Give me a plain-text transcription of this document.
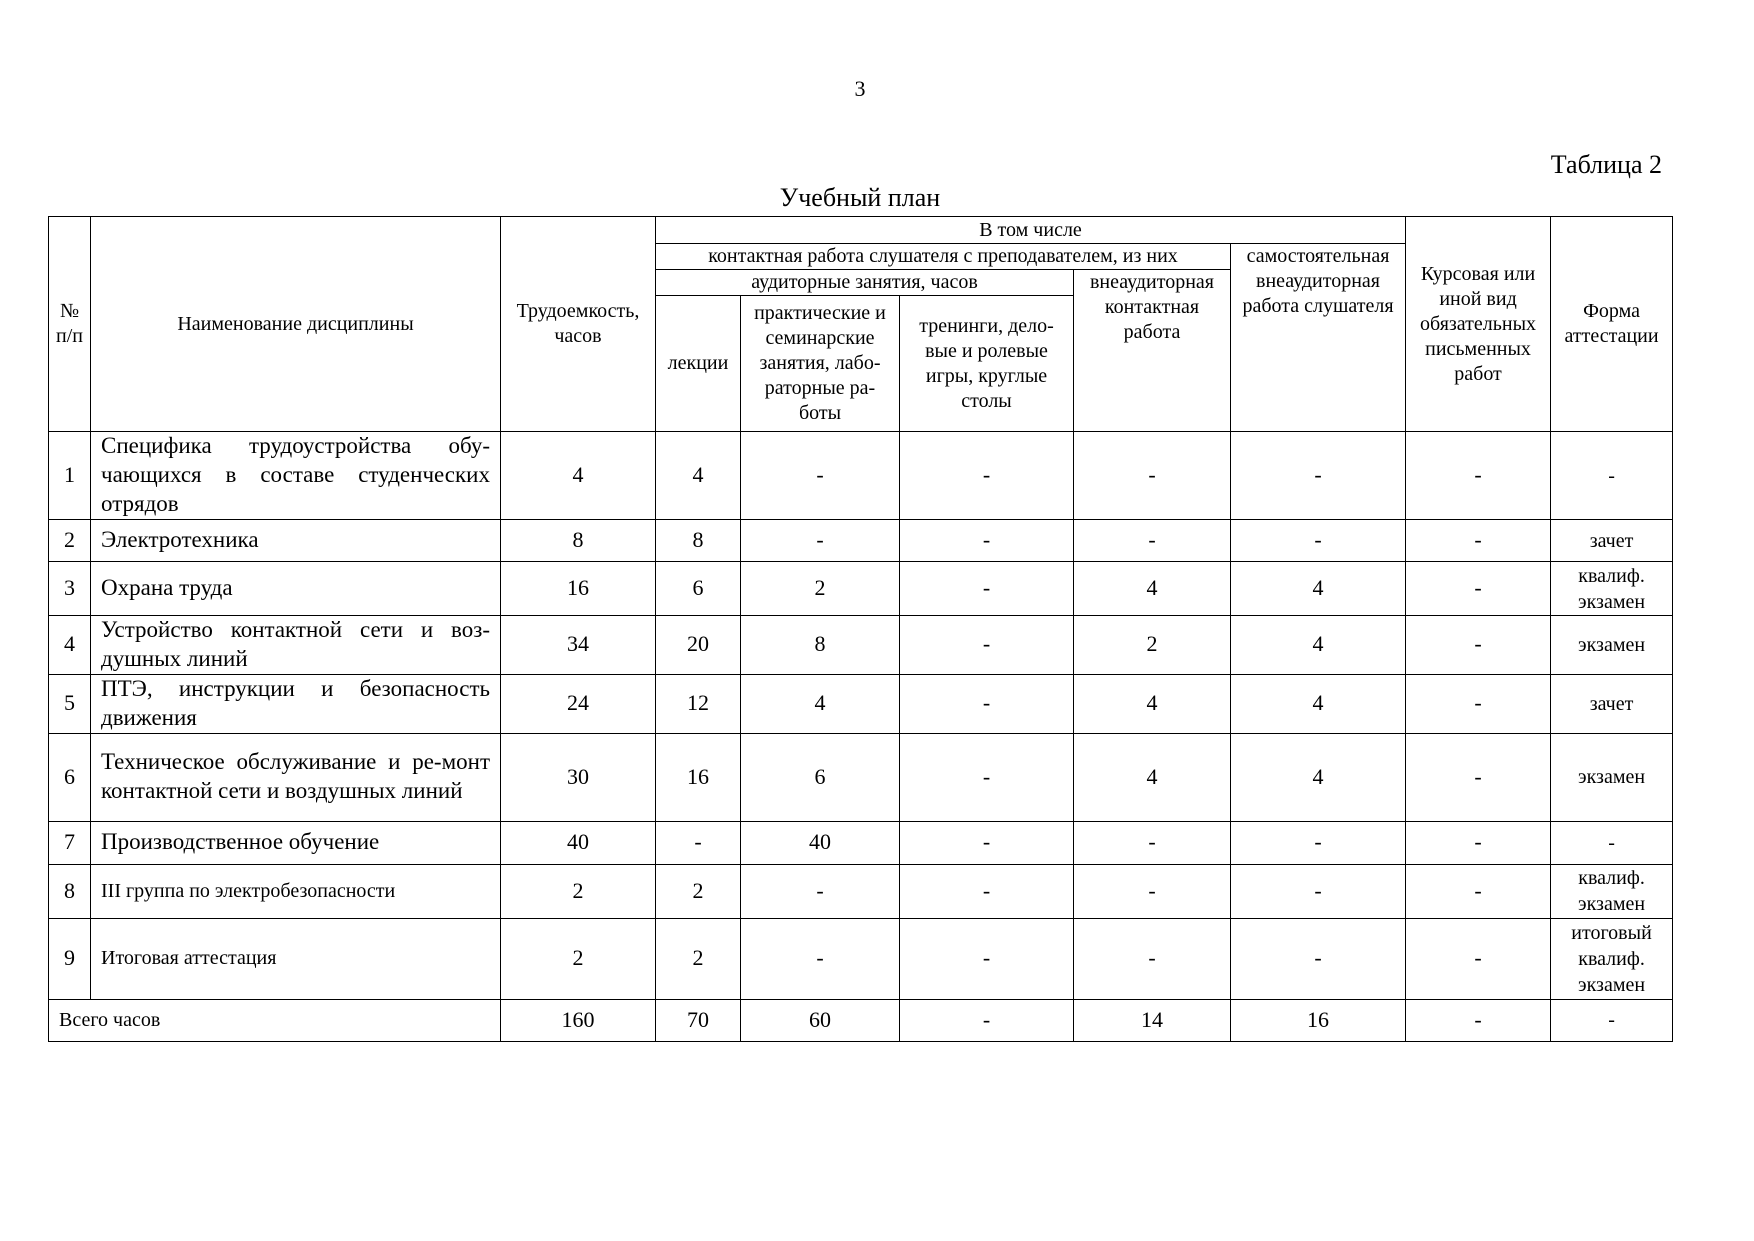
3
Таблица 2
Учебный план
№ п/п	Наименование дисциплины	Трудоемкость, часов	В том числе					Курсовая или иной вид обязательных письменных работ	Форма аттестации
			контактная работа слушателя с преподавателем, из них				самостоятельная внеаудиторная работа слушателя		
			аудиторные занятия, часов			внеаудиторная контактная работа			
			лекции	практические и семинарские занятия, лабо-раторные ра-боты	тренинги, дело-вые и ролевые игры, круглые столы				
1	Специфика трудоустройства обу-чающихся в составе студенческих отрядов	4	4	-	-	-	-	-	-
2	Электротехника	8	8	-	-	-	-	-	зачет
3	Охрана труда	16	6	2	-	4	4	-	квалиф. экзамен
4	Устройство контактной сети и воз-душных линий	34	20	8	-	2	4	-	экзамен
5	ПТЭ, инструкции и безопасность движения	24	12	4	-	4	4	-	зачет
6	Техническое обслуживание и ре-монт контактной сети и воздушных линий	30	16	6	-	4	4	-	экзамен
7	Производственное обучение	40	-	40	-	-	-	-	-
8	III группа по электробезопасности	2	2	-	-	-	-	-	квалиф. экзамен
9	Итоговая аттестация	2	2	-	-	-	-	-	итоговый квалиф. экзамен
Всего часов		160	70	60	-	14	16	-	-
